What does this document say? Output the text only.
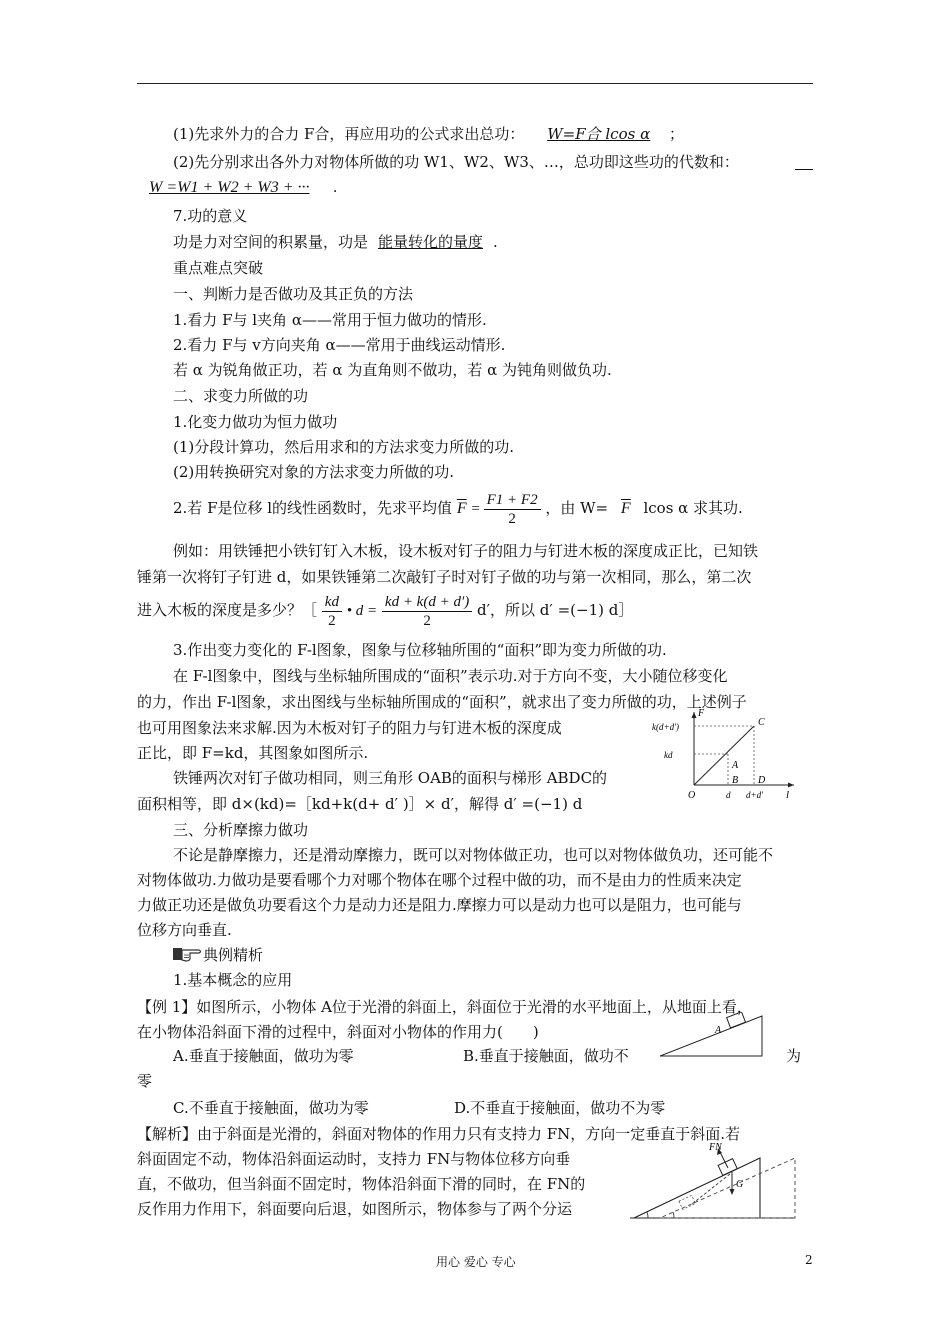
(1)先求外力的合力 F合，再应用功的公式求出总功： W=F合 lcos α ；
(2)先分别求出各外力对物体所做的功 W1、W2、W3、…，总功即这些功的代数和：
W =W1 + W2 + W3 + ··· .
7.功的意义
功是力对空间的积累量，功是 能量转化的量度 .
重点难点突破
一、判断力是否做功及其正负的方法
1.看力 F与 l夹角 α——常用于恒力做功的情形.
2.看力 F与 v方向夹角 α——常用于曲线运动情形.
若 α 为锐角做正功，若 α 为直角则不做功，若 α 为钝角则做负功.
二、求变力所做的功
1.化变力做功为恒力做功
(1)分段计算功，然后用求和的方法求变力所做的功.
(2)用转换研究对象的方法求变力所做的功.
2.若 F是位移 l的线性函数时，先求平均值 $\overline{F} = \frac{F1 + F2}{2}$ ，由 $W= \overline{F}$ lcos α 求其功.
例如：用铁锤把小铁钉钉入木板，设木板对钉子的阻力与钉进木板的深度成正比，已知铁
锤第一次将钉子钉进 d，如果铁锤第二次敲钉子时对钉子做的功与第一次相同，那么，第二次
进入木板的深度是多少？［ $\frac{kd}{2}$ • $d = \frac{kd + k(d + d')}{2} d'$，所以 d′ =(−1) d］
3.作出变力变化的 F-l图象，图象与位移轴所围的“面积”即为变力所做的功.
在 F-l图象中，图线与坐标轴所围成的“面积”表示功.对于方向不变，大小随位移变化
的力，作出 F-l图象，求出图线与坐标轴所围成的“面积”，就求出了变力所做的功，上述例子
也可用图象法来求解.因为木板对钉子的阻力与钉进木板的深度成
正比，即 F=kd，其图象如图所示.
铁锤两次对钉子做功相同，则三角形 OAB的面积与梯形 ABDC的
面积相等，即 d×(kd)=［kd+k(d+ d′ )］× d′，解得 d′ =(−1) d
F
l
O
k(d+d′)
kd
C
A
B D
d d+d′
三、分析摩擦力做功
不论是静摩擦力，还是滑动摩擦力，既可以对物体做正功，也可以对物体做负功，还可能不
对物体做功.力做功是要看哪个力对哪个物体在哪个过程中做的功，而不是由力的性质来决定
力做正功还是做负功要看这个力是动力还是阻力.摩擦力可以是动力也可以是阻力，也可能与
位移方向垂直.
典例精析
1.基本概念的应用
【例 1】如图所示，小物体 A位于光滑的斜面上，斜面位于光滑的水平地面上，从地面上看，
在小物体沿斜面下滑的过程中，斜面对小物体的作用力(　　)	A
A.垂直于接触面，做功为零	B.垂直于接触面，做功不	为
零
C.不垂直于接触面，做功为零	D.不垂直于接触面，做功不为零
【解析】由于斜面是光滑的，斜面对物体的作用力只有支持力 FN，方向一定垂直于斜面.若
斜面固定不动，物体沿斜面运动时，支持力 FN与物体位移方向垂
直，不做功，但当斜面不固定时，物体沿斜面下滑的同时，在 FN的
反作用力作用下，斜面要向后退，如图所示，物体参与了两个分运
FN
G
用心 爱心 专心	2
